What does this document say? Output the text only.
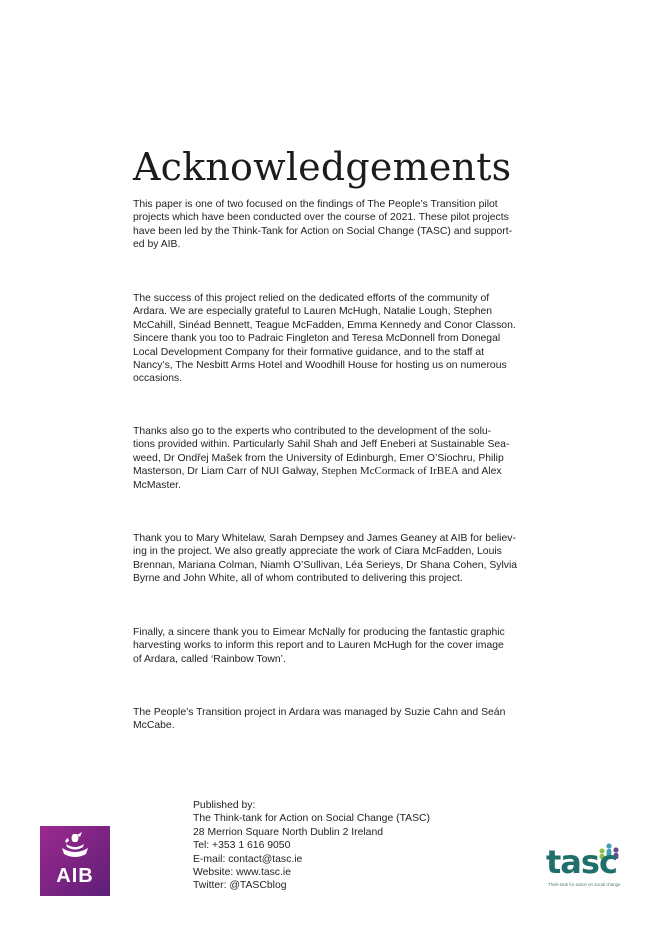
Acknowledgements

This paper is one of two focused on the findings of The People’s Transition pilot
projects which have been conducted over the course of 2021. These pilot projects
have been led by the Think-Tank for Action on Social Change (TASC) and support-
ed by AIB.

The success of this project relied on the dedicated efforts of the community of
Ardara. We are especially grateful to Lauren McHugh, Natalie Lough, Stephen
McCahill, Sinéad Bennett, Teague McFadden, Emma Kennedy and Conor Classon.
Sincere thank you too to Padraic Fingleton and Teresa McDonnell from Donegal
Local Development Company for their formative guidance, and to the staff at
Nancy’s, The Nesbitt Arms Hotel and Woodhill House for hosting us on numerous
occasions.

Thanks also go to the experts who contributed to the development of the solu-
tions provided within. Particularly Sahil Shah and Jeff Eneberi at Sustainable Sea-
weed, Dr Ondřej Mašek from the University of Edinburgh, Emer O’Siochru, Philip
Masterson, Dr Liam Carr of NUI Galway, Stephen McCormack of IrBEA and Alex
McMaster.

Thank you to Mary Whitelaw, Sarah Dempsey and James Geaney at AIB for believ-
ing in the project. We also greatly appreciate the work of Ciara McFadden, Louis
Brennan, Mariana Colman, Niamh O’Sullivan, Léa Serieys, Dr Shana Cohen, Sylvia
Byrne and John White, all of whom contributed to delivering this project.

Finally, a sincere thank you to Eimear McNally for producing the fantastic graphic
harvesting works to inform this report and to Lauren McHugh for the cover image
of Ardara, called ‘Rainbow Town’.

The People’s Transition project in Ardara was managed by Suzie Cahn and Seán
McCabe.

Published by:
The Think-tank for Action on Social Change (TASC)
28 Merrion Square North Dublin 2 Ireland
Tel: +353 1 616 9050
E-mail: contact@tasc.ie
Website: www.tasc.ie
Twitter: @TASCblog
AIB	tasc
Think-tank for action on social change
